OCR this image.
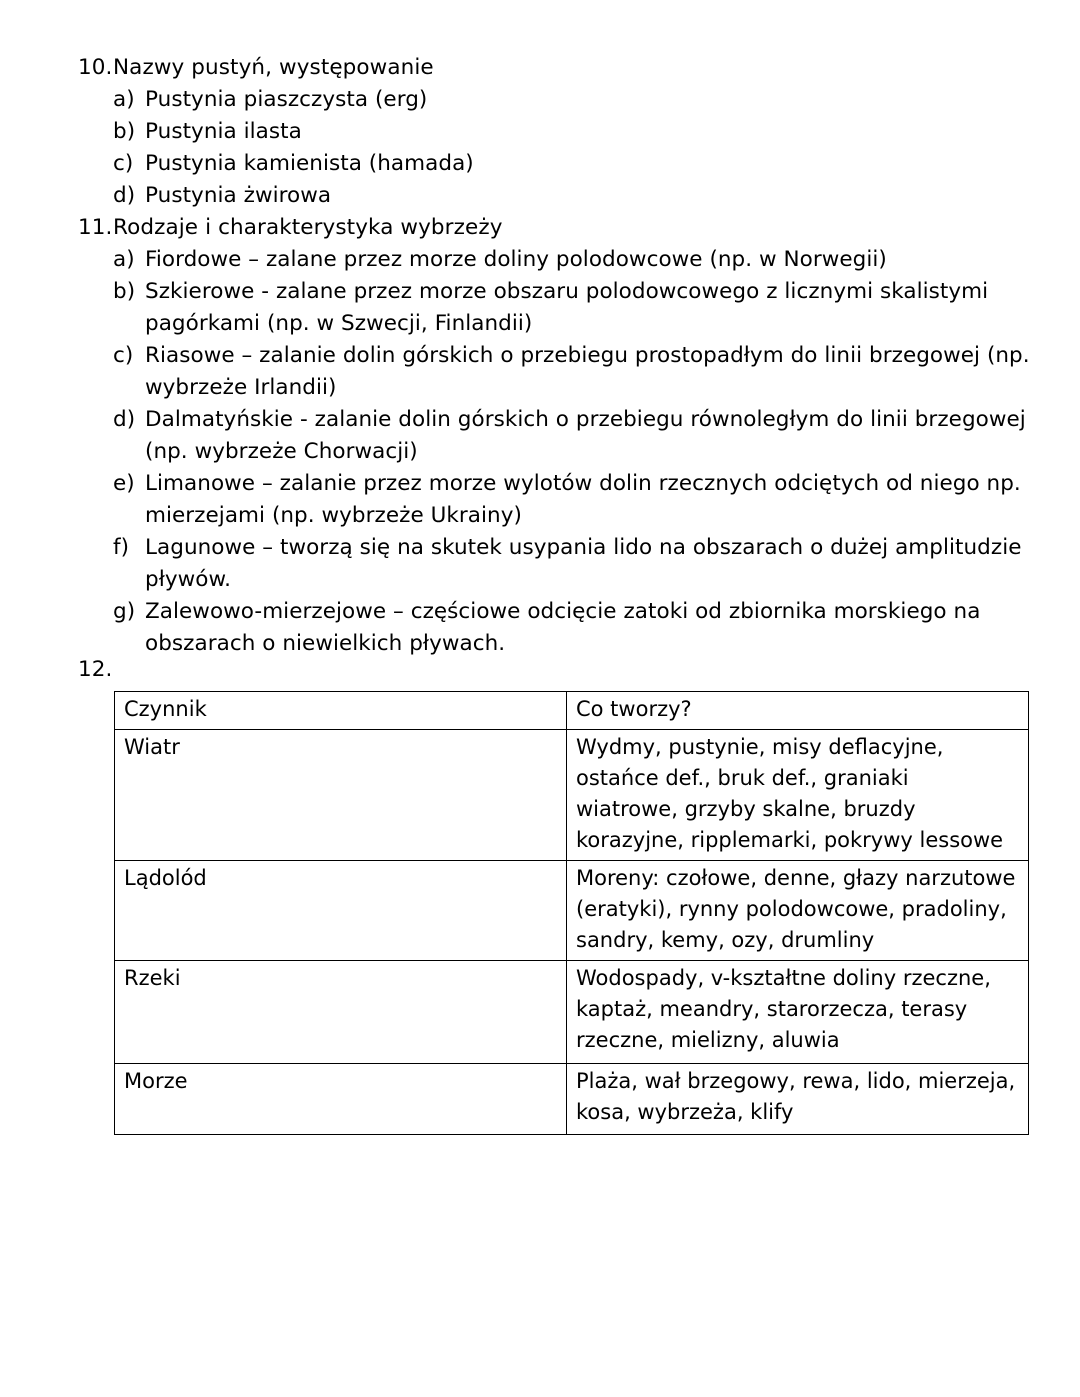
10.Nazwy pustyń, występowanie
a) Pustynia piaszczysta (erg)
b) Pustynia ilasta
c) Pustynia kamienista (hamada)
d) Pustynia żwirowa
11.Rodzaje i charakterystyka wybrzeży
a) Fiordowe – zalane przez morze doliny polodowcowe (np. w Norwegii)
b) Szkierowe - zalane przez morze obszaru polodowcowego z licznymi skalistymi
pagórkami (np. w Szwecji, Finlandii)
c) Riasowe – zalanie dolin górskich o przebiegu prostopadłym do linii brzegowej (np.
wybrzeże Irlandii)
d) Dalmatyńskie - zalanie dolin górskich o przebiegu równoległym do linii brzegowej
(np. wybrzeże Chorwacji)
e) Limanowe – zalanie przez morze wylotów dolin rzecznych odciętych od niego np.
mierzejami (np. wybrzeże Ukrainy)
f) Lagunowe – tworzą się na skutek usypania lido na obszarach o dużej amplitudzie
pływów.
g) Zalewowo-mierzejowe – częściowe odcięcie zatoki od zbiornika morskiego na
obszarach o niewielkich pływach.
12.
Czynnik	Co tworzy?
Wiatr	Wydmy, pustynie, misy deflacyjne,
ostańce def., bruk def., graniaki
wiatrowe, grzyby skalne, bruzdy
korazyjne, ripplemarki, pokrywy lessowe

Lądolód	Moreny: czołowe, denne, głazy narzutowe
(eratyki), rynny polodowcowe, pradoliny,
sandry, kemy, ozy, drumliny

Rzeki	Wodospady, v-kształtne doliny rzeczne,
kaptaż, meandry, starorzecza, terasy
rzeczne, mielizny, aluwia

Morze	Plaża, wał brzegowy, rewa, lido, mierzeja,
kosa, wybrzeża, klify
